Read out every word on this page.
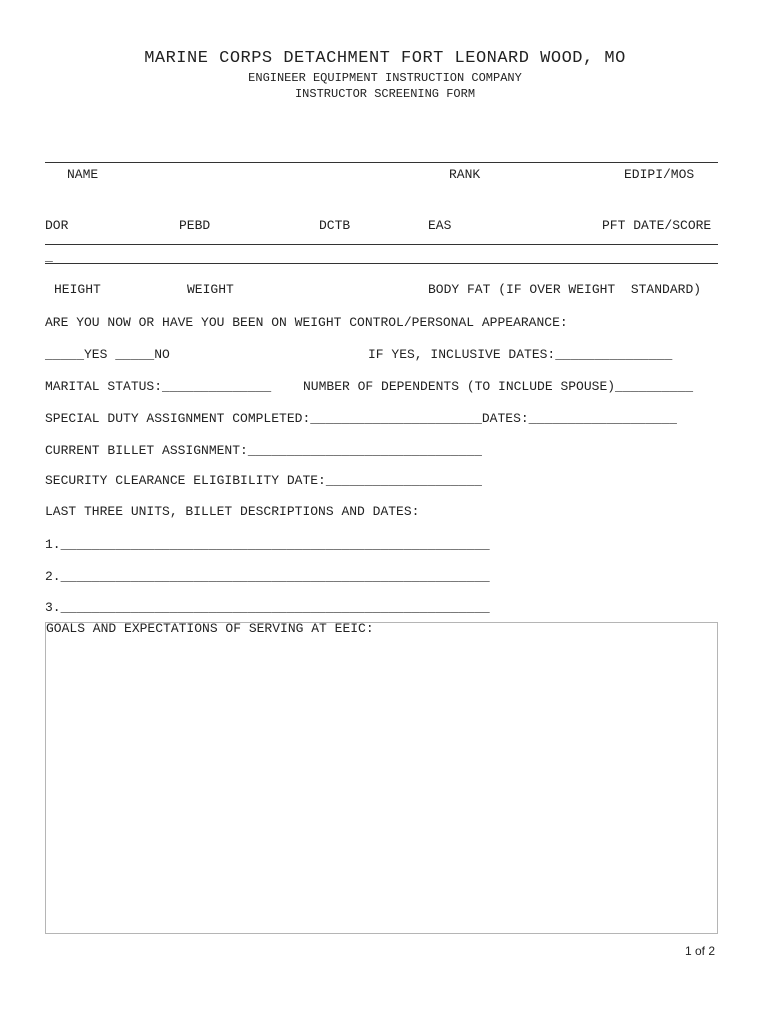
MARINE CORPS DETACHMENT FORT LEONARD WOOD, MO
ENGINEER EQUIPMENT INSTRUCTION COMPANY
INSTRUCTOR SCREENING FORM
NAME	RANK	EDIPI/MOS
DOR	PEBD	DCTB	EAS	PFT DATE/SCORE
_
HEIGHT	WEIGHT	BODY FAT (IF OVER WEIGHT  STANDARD)
ARE YOU NOW OR HAVE YOU BEEN ON WEIGHT CONTROL/PERSONAL APPEARANCE:
_____YES _____NO	IF YES, INCLUSIVE DATES:_______________
MARITAL STATUS:______________ NUMBER OF DEPENDENTS (TO INCLUDE SPOUSE)__________
SPECIAL DUTY ASSIGNMENT COMPLETED:______________________DATES:___________________
CURRENT BILLET ASSIGNMENT:______________________________
SECURITY CLEARANCE ELIGIBILITY DATE:____________________
LAST THREE UNITS, BILLET DESCRIPTIONS AND DATES:
1._______________________________________________________
2._______________________________________________________
3._______________________________________________________
GOALS AND EXPECTATIONS OF SERVING AT EEIC:
1 of 2
